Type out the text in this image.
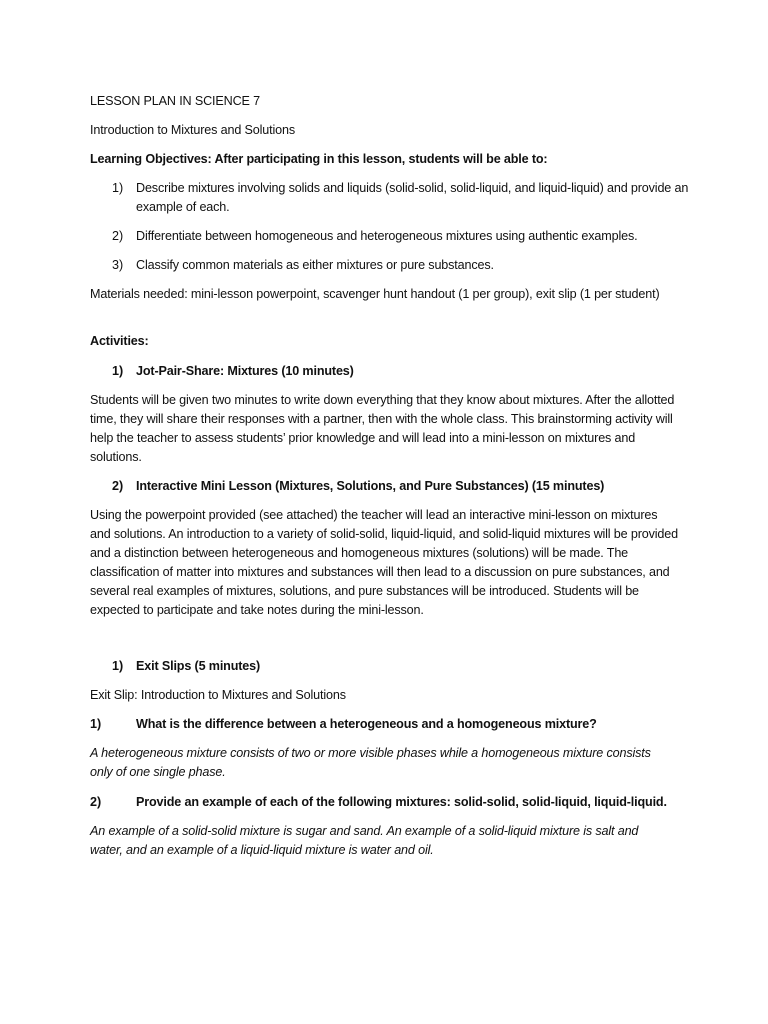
LESSON PLAN IN SCIENCE 7
Introduction to Mixtures and Solutions
Learning Objectives: After participating in this lesson, students will be able to:
1) Describe mixtures involving solids and liquids (solid-solid, solid-liquid, and liquid-liquid) and provide an example of each.
2) Differentiate between homogeneous and heterogeneous mixtures using authentic examples.
3) Classify common materials as either mixtures or pure substances.
Materials needed: mini-lesson powerpoint, scavenger hunt handout (1 per group), exit slip (1 per student)
Activities:
1) Jot-Pair-Share: Mixtures (10 minutes)
Students will be given two minutes to write down everything that they know about mixtures. After the allotted time, they will share their responses with a partner, then with the whole class. This brainstorming activity will help the teacher to assess students’ prior knowledge and will lead into a mini-lesson on mixtures and solutions.
2) Interactive Mini Lesson (Mixtures, Solutions, and Pure Substances) (15 minutes)
Using the powerpoint provided (see attached) the teacher will lead an interactive mini-lesson on mixtures and solutions. An introduction to a variety of solid-solid, liquid-liquid, and solid-liquid mixtures will be provided and a distinction between heterogeneous and homogeneous mixtures (solutions) will be made. The classification of matter into mixtures and substances will then lead to a discussion on pure substances, and several real examples of mixtures, solutions, and pure substances will be introduced. Students will be expected to participate and take notes during the mini-lesson.
1) Exit Slips (5 minutes)
Exit Slip: Introduction to Mixtures and Solutions
1)	What is the difference between a heterogeneous and a homogeneous mixture?
A heterogeneous mixture consists of two or more visible phases while a homogeneous mixture consists only of one single phase.
2)	Provide an example of each of the following mixtures: solid-solid, solid-liquid, liquid-liquid.
An example of a solid-solid mixture is sugar and sand. An example of a solid-liquid mixture is salt and water, and an example of a liquid-liquid mixture is water and oil.
